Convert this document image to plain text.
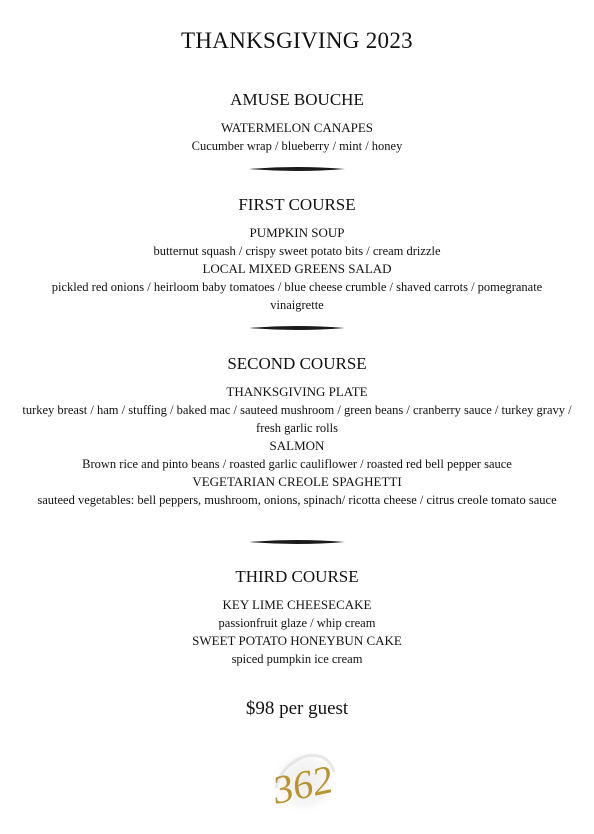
THANKSGIVING 2023
AMUSE BOUCHE

WATERMELON CANAPES

Cucumber wrap / blueberry / mint / honey

FIRST COURSE

PUMPKIN SOUP

butternut squash / crispy sweet potato bits / cream drizzle

LOCAL MIXED GREENS SALAD

pickled red onions / heirloom baby tomatoes / blue cheese crumble / shaved carrots / pomegranate vinaigrette

SECOND COURSE

THANKSGIVING PLATE

turkey breast / ham / stuffing / baked mac / sauteed mushroom / green beans / cranberry sauce / turkey gravy / fresh garlic rolls

SALMON

Brown rice and pinto beans / roasted garlic cauliflower / roasted red bell pepper sauce

VEGETARIAN CREOLE SPAGHETTI

sauteed vegetables: bell peppers, mushroom, onions, spinach/ ricotta cheese / citrus creole tomato sauce

THIRD COURSE

KEY LIME CHEESECAKE

passionfruit glaze / whip cream

SWEET POTATO HONEYBUN CAKE

spiced pumpkin ice cream

$98 per guest

362
